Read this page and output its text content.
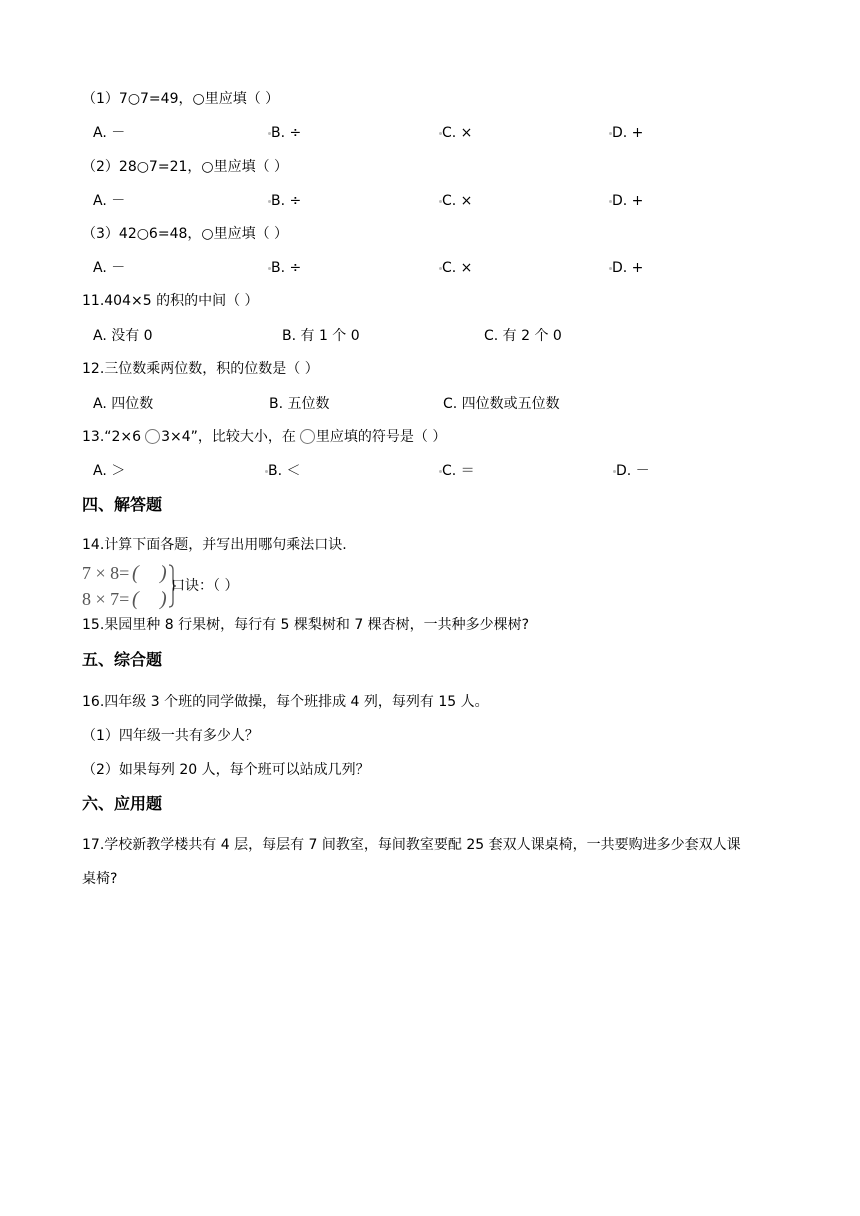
（1）7○7=49，○里应填（ ）
A. －	B. ÷	C. ×	D. +
（2）28○7=21，○里应填（ ）
A. －	B. ÷	C. ×	D. +
（3）42○6=48，○里应填（ ）
A. －	B. ÷	C. ×	D. +
11.404×5 的积的中间（ ）
A. 没有 0	B. 有 1 个 0	C. 有 2 个 0
12.三位数乘两位数，积的位数是（ ）
A. 四位数	B. 五位数	C. 四位数或五位数
13.“2×6 3×4”，比较大小，在 里应填的符号是（ ）
A. ＞	B. ＜	C. ＝	D. －
四、解答题
14.计算下面各题，并写出用哪句乘法口诀.
7 × 8= ( )
8 × 7= ( )
口诀：（ ）
15.果园里种 8 行果树，每行有 5 棵梨树和 7 棵杏树，一共种多少棵树?
五、综合题
16.四年级 3 个班的同学做操，每个班排成 4 列，每列有 15 人。
（1）四年级一共有多少人？
（2）如果每列 20 人，每个班可以站成几列？
六、应用题
17.学校新教学楼共有 4 层，每层有 7 间教室，每间教室要配 25 套双人课桌椅，一共要购进多少套双人课
桌椅?
